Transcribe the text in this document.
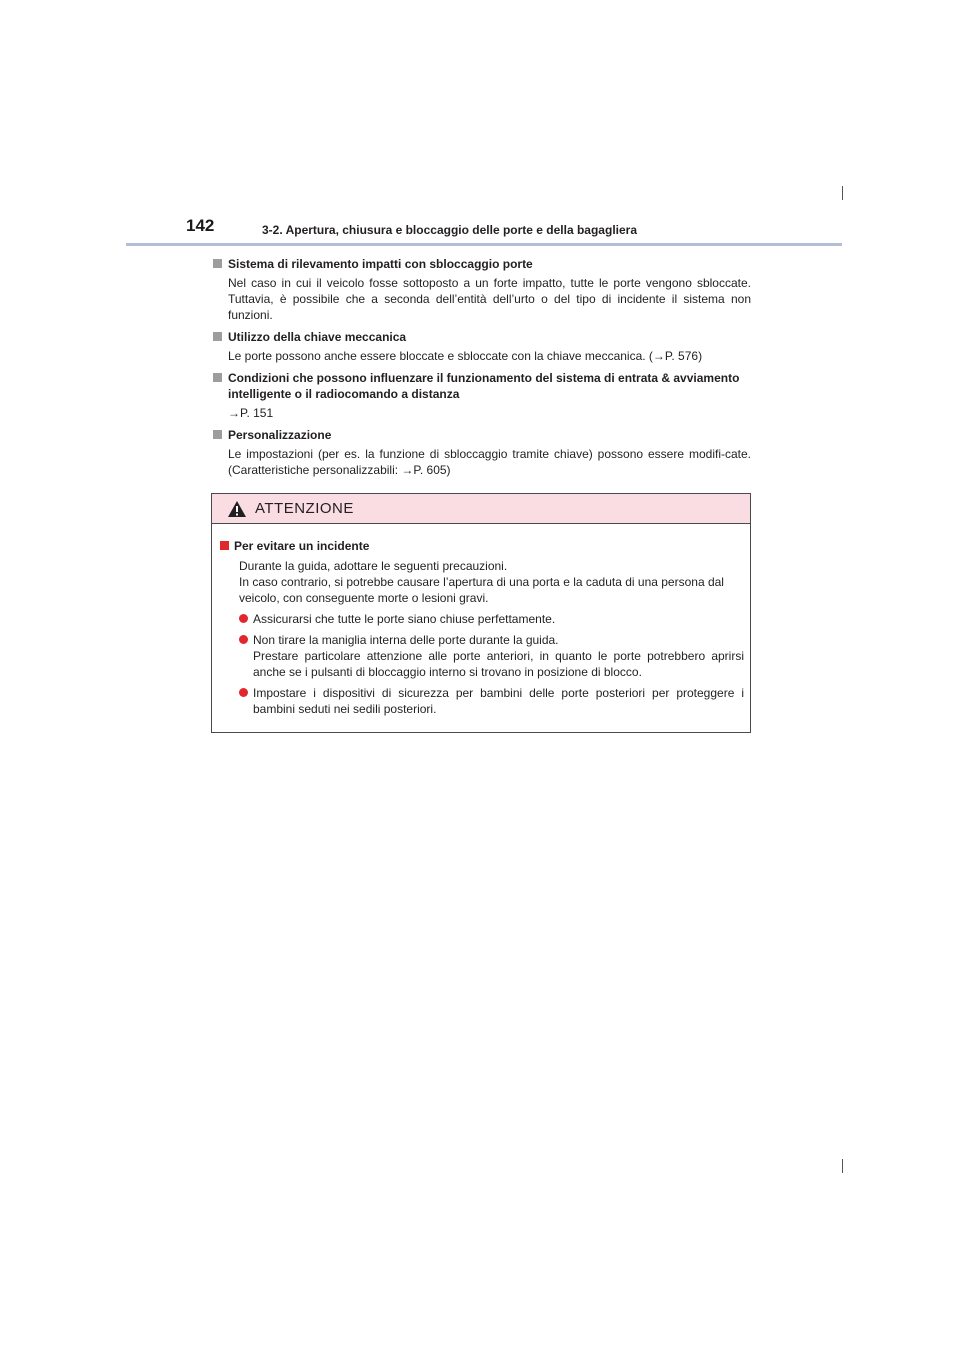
142	3-2. Apertura, chiusura e bloccaggio delle porte e della bagagliera
Sistema di rilevamento impatti con sbloccaggio porte
Nel caso in cui il veicolo fosse sottoposto a un forte impatto, tutte le porte vengono sbloccate. Tuttavia, è possibile che a seconda dell’entità dell’urto o del tipo di incidente il sistema non funzioni.
Utilizzo della chiave meccanica
Le porte possono anche essere bloccate e sbloccate con la chiave meccanica. (→P. 576)
Condizioni che possono influenzare il funzionamento del sistema di entrata & avviamento intelligente o il radiocomando a distanza
→P. 151
Personalizzazione
Le impostazioni (per es. la funzione di sbloccaggio tramite chiave) possono essere modifi-cate. (Caratteristiche personalizzabili: →P. 605)
ATTENZIONE
Per evitare un incidente
Durante la guida, adottare le seguenti precauzioni.
In caso contrario, si potrebbe causare l’apertura di una porta e la caduta di una persona dal veicolo, con conseguente morte o lesioni gravi.
Assicurarsi che tutte le porte siano chiuse perfettamente.
Non tirare la maniglia interna delle porte durante la guida.
Prestare particolare attenzione alle porte anteriori, in quanto le porte potrebbero aprirsi anche se i pulsanti di bloccaggio interno si trovano in posizione di blocco.
Impostare i dispositivi di sicurezza per bambini delle porte posteriori per proteggere i bambini seduti nei sedili posteriori.
